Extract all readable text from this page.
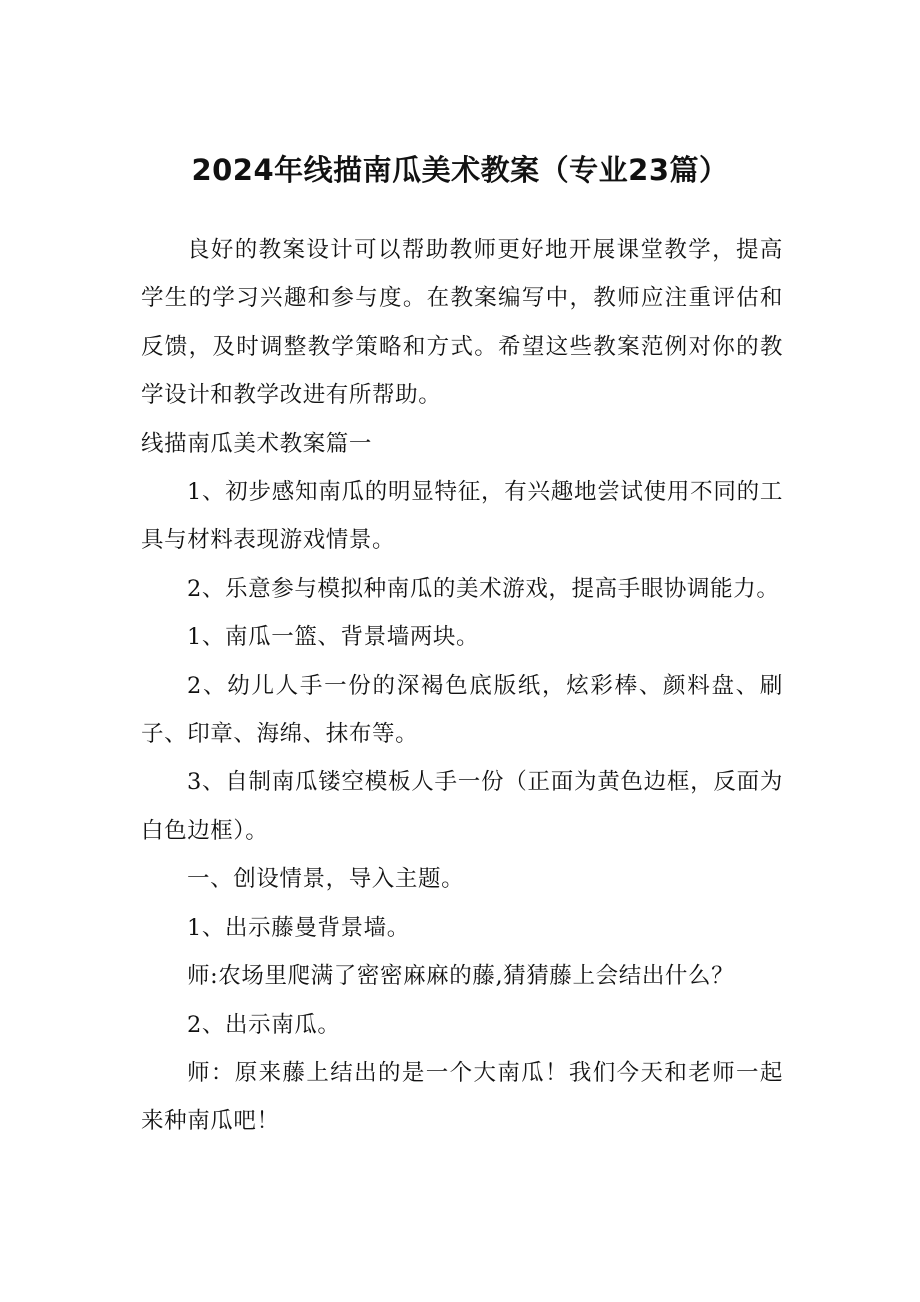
2024年线描南瓜美术教案（专业23篇）

良好的教案设计可以帮助教师更好地开展课堂教学，提高学生的学习兴趣和参与度。在教案编写中，教师应注重评估和反馈，及时调整教学策略和方式。希望这些教案范例对你的教学设计和教学改进有所帮助。

线描南瓜美术教案篇一

1、初步感知南瓜的明显特征，有兴趣地尝试使用不同的工具与材料表现游戏情景。

2、乐意参与模拟种南瓜的美术游戏，提高手眼协调能力。

1、南瓜一篮、背景墙两块。

2、幼儿人手一份的深褐色底版纸，炫彩棒、颜料盘、刷子、印章、海绵、抹布等。

3、自制南瓜镂空模板人手一份（正面为黄色边框，反面为白色边框）。

一、创设情景，导入主题。

1、出示藤曼背景墙。

师:农场里爬满了密密麻麻的藤,猜猜藤上会结出什么？

2、出示南瓜。

师：原来藤上结出的是一个大南瓜！我们今天和老师一起来种南瓜吧！
